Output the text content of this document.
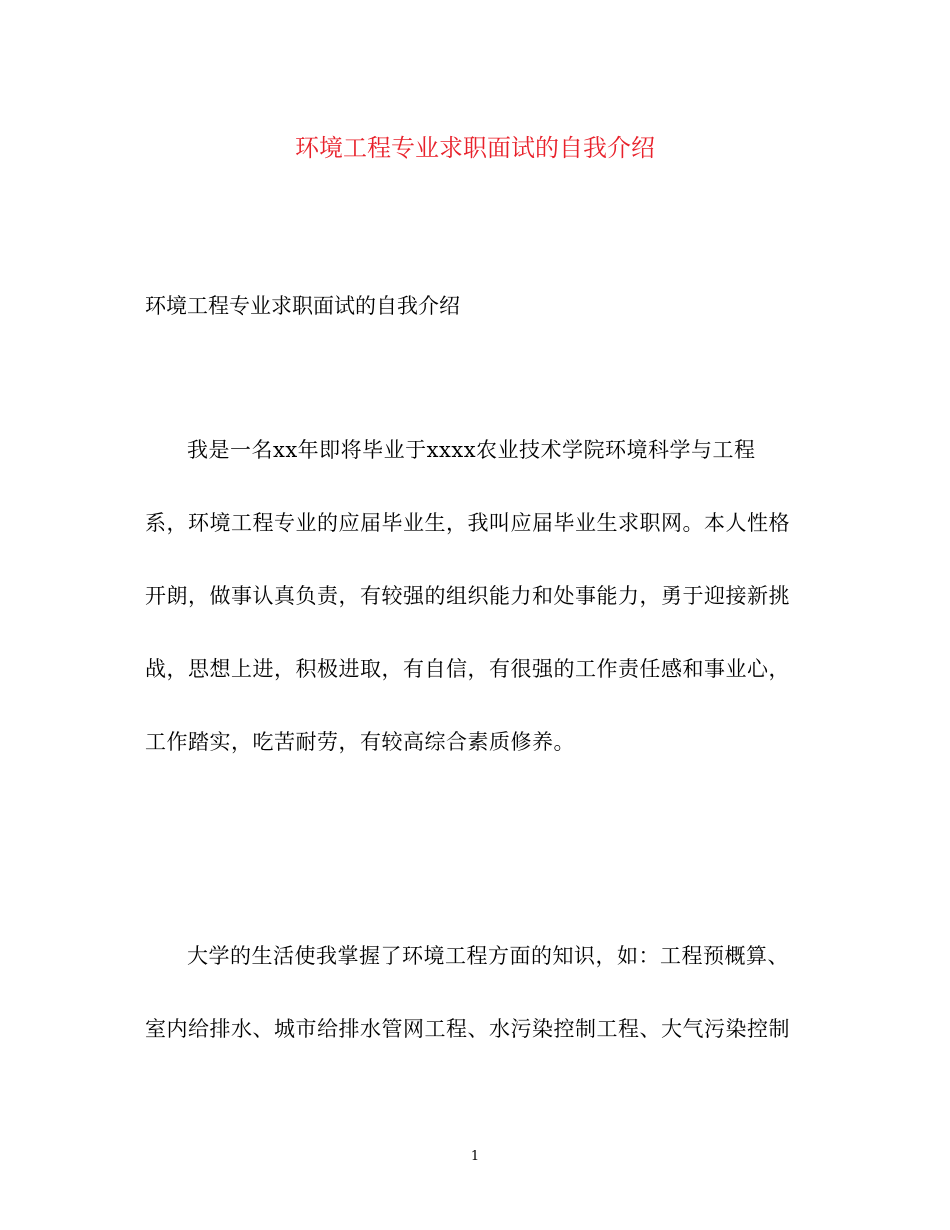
环境工程专业求职面试的自我介绍

环境工程专业求职面试的自我介绍

我是一名xx年即将毕业于xxxx农业技术学院环境科学与工程
系，环境工程专业的应届毕业生，我叫应届毕业生求职网。本人性格
开朗，做事认真负责，有较强的组织能力和处事能力，勇于迎接新挑
战，思想上进，积极进取，有自信，有很强的工作责任感和事业心，
工作踏实，吃苦耐劳，有较高综合素质修养。
大学的生活使我掌握了环境工程方面的知识，如：工程预概算、
室内给排水、城市给排水管网工程、水污染控制工程、大气污染控制

1
